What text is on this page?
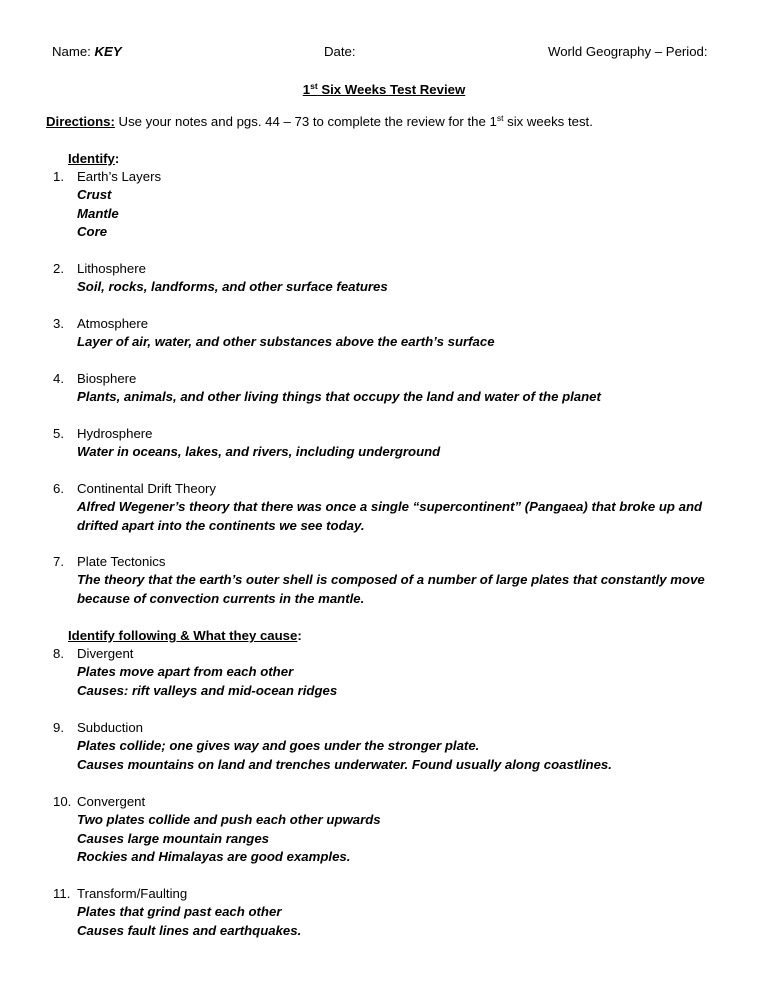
Name: KEY	Date:	World Geography – Period:
1st Six Weeks Test Review
Directions: Use your notes and pgs. 44 – 73 to complete the review for the 1st six weeks test.
Identify:
1. Earth’s Layers
Crust
Mantle
Core
2. Lithosphere
Soil, rocks, landforms, and other surface features
3. Atmosphere
Layer of air, water, and other substances above the earth’s surface
4. Biosphere
Plants, animals, and other living things that occupy the land and water of the planet
5. Hydrosphere
Water in oceans, lakes, and rivers, including underground
6. Continental Drift Theory
Alfred Wegener’s theory that there was once a single “supercontinent” (Pangaea) that broke up and drifted apart into the continents we see today.
7. Plate Tectonics
The theory that the earth’s outer shell is composed of a number of large plates that constantly move because of convection currents in the mantle.
Identify following & What they cause:
8. Divergent
Plates move apart from each other
Causes: rift valleys and mid-ocean ridges
9. Subduction
Plates collide; one gives way and goes under the stronger plate.
Causes mountains on land and trenches underwater. Found usually along coastlines.
10. Convergent
Two plates collide and push each other upwards
Causes large mountain ranges
Rockies and Himalayas are good examples.
11. Transform/Faulting
Plates that grind past each other
Causes fault lines and earthquakes.
